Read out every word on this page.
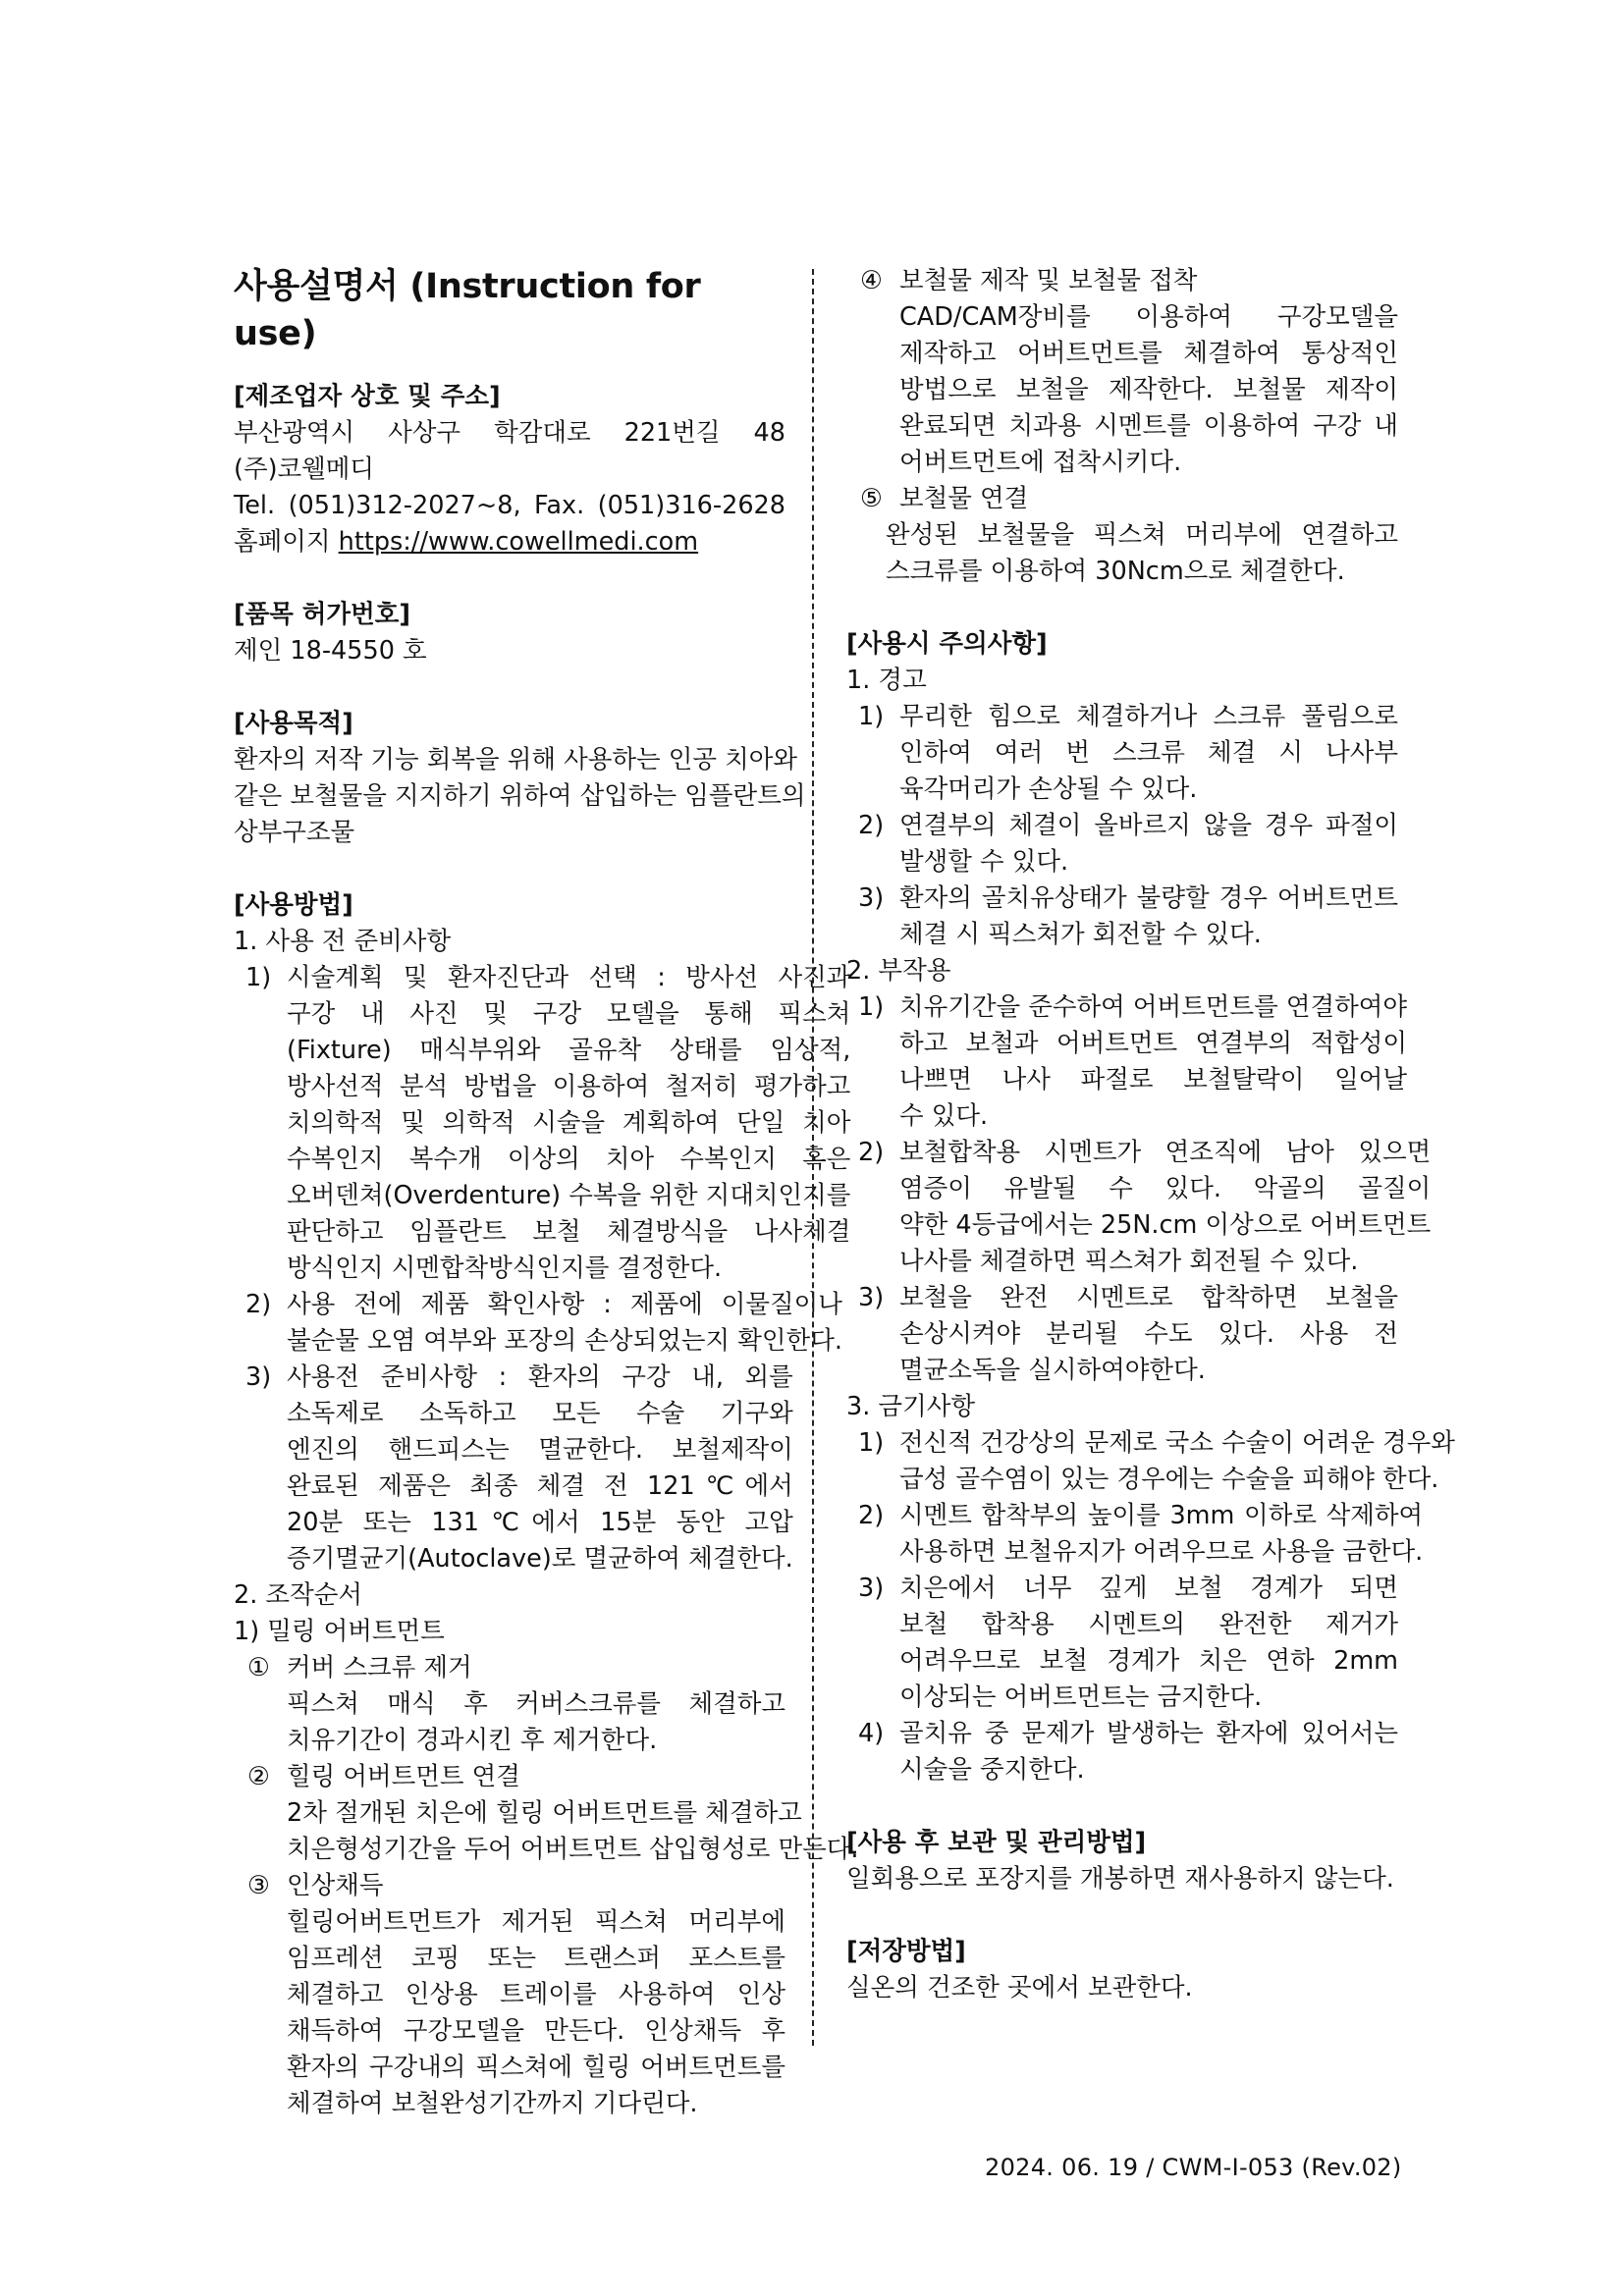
사용설명서 (Instruction for use)

[제조업자 상호 및 주소]

부산광역시 사상구 학감대로 221번길 48

(주)코웰메디

Tel. (051)312-2027~8, Fax. (051)316-2628

홈페이지 https://www.cowellmedi.com

[품목 허가번호]

제인 18-4550 호

[사용목적]

환자의 저작 기능 회복을 위해 사용하는 인공 치아와

같은 보철물을 지지하기 위하여 삽입하는 임플란트의

상부구조물

[사용방법]

1. 사용 전 준비사항

1) 시술계획 및 환자진단과 선택 : 방사선 사진과

구강 내 사진 및 구강 모델을 통해 픽스쳐

(Fixture) 매식부위와 골유착 상태를 임상적,

방사선적 분석 방법을 이용하여 철저히 평가하고

치의학적 및 의학적 시술을 계획하여 단일 치아

수복인지 복수개 이상의 치아 수복인지 혹은

오버덴쳐(Overdenture) 수복을 위한 지대치인지를

판단하고 임플란트 보철 체결방식을 나사체결

방식인지 시멘합착방식인지를 결정한다.

2) 사용 전에 제품 확인사항 : 제품에 이물질이나

불순물 오염 여부와 포장의 손상되었는지 확인한다.

3) 사용전 준비사항 : 환자의 구강 내, 외를

소독제로 소독하고 모든 수술 기구와

엔진의 핸드피스는 멸균한다. 보철제작이

완료된 제품은 최종 체결 전 121℃에서

20분 또는 131℃에서 15분 동안 고압

증기멸균기(Autoclave)로 멸균하여 체결한다.

2. 조작순서

1) 밀링 어버트먼트

① 커버 스크류 제거

픽스쳐 매식 후 커버스크류를 체결하고

치유기간이 경과시킨 후 제거한다.

② 힐링 어버트먼트 연결

2차 절개된 치은에 힐링 어버트먼트를 체결하고

치은형성기간을 두어 어버트먼트 삽입형성로 만든다.

③ 인상채득

힐링어버트먼트가 제거된 픽스쳐 머리부에

임프레션 코핑 또는 트랜스퍼 포스트를

체결하고 인상용 트레이를 사용하여 인상

채득하여 구강모델을 만든다. 인상채득 후

환자의 구강내의 픽스쳐에 힐링 어버트먼트를

체결하여 보철완성기간까지 기다린다.

④ 보철물 제작 및 보철물 접착

CAD/CAM장비를 이용하여 구강모델을

제작하고 어버트먼트를 체결하여 통상적인

방법으로 보철을 제작한다. 보철물 제작이

완료되면 치과용 시멘트를 이용하여 구강 내

어버트먼트에 접착시키다.

⑤ 보철물 연결

완성된 보철물을 픽스쳐 머리부에 연결하고

스크류를 이용하여 30Ncm으로 체결한다.

[사용시 주의사항]

1. 경고

1) 무리한 힘으로 체결하거나 스크류 풀림으로

인하여 여러 번 스크류 체결 시 나사부

육각머리가 손상될 수 있다.

2) 연결부의 체결이 올바르지 않을 경우 파절이

발생할 수 있다.

3) 환자의 골치유상태가 불량할 경우 어버트먼트

체결 시 픽스쳐가 회전할 수 있다.

2. 부작용

1) 치유기간을 준수하여 어버트먼트를 연결하여야

하고 보철과 어버트먼트 연결부의 적합성이

나쁘면 나사 파절로 보철탈락이 일어날

수 있다.

2) 보철합착용 시멘트가 연조직에 남아 있으면

염증이 유발될 수 있다. 악골의 골질이

약한 4등급에서는 25N.cm 이상으로 어버트먼트

나사를 체결하면 픽스쳐가 회전될 수 있다.

3) 보철을 완전 시멘트로 합착하면 보철을

손상시켜야 분리될 수도 있다. 사용 전

멸균소독을 실시하여야한다.

3. 금기사항

1) 전신적 건강상의 문제로 국소 수술이 어려운 경우와

급성 골수염이 있는 경우에는 수술을 피해야 한다.

2) 시멘트 합착부의 높이를 3mm 이하로 삭제하여

사용하면 보철유지가 어려우므로 사용을 금한다.

3) 치은에서 너무 깊게 보철 경계가 되면

보철 합착용 시멘트의 완전한 제거가

어려우므로 보철 경계가 치은 연하 2mm

이상되는 어버트먼트는 금지한다.

4) 골치유 중 문제가 발생하는 환자에 있어서는

시술을 중지한다.

[사용 후 보관 및 관리방법]

일회용으로 포장지를 개봉하면 재사용하지 않는다.

[저장방법]

실온의 건조한 곳에서 보관한다.

2024. 06. 19 / CWM-I-053 (Rev.02)
